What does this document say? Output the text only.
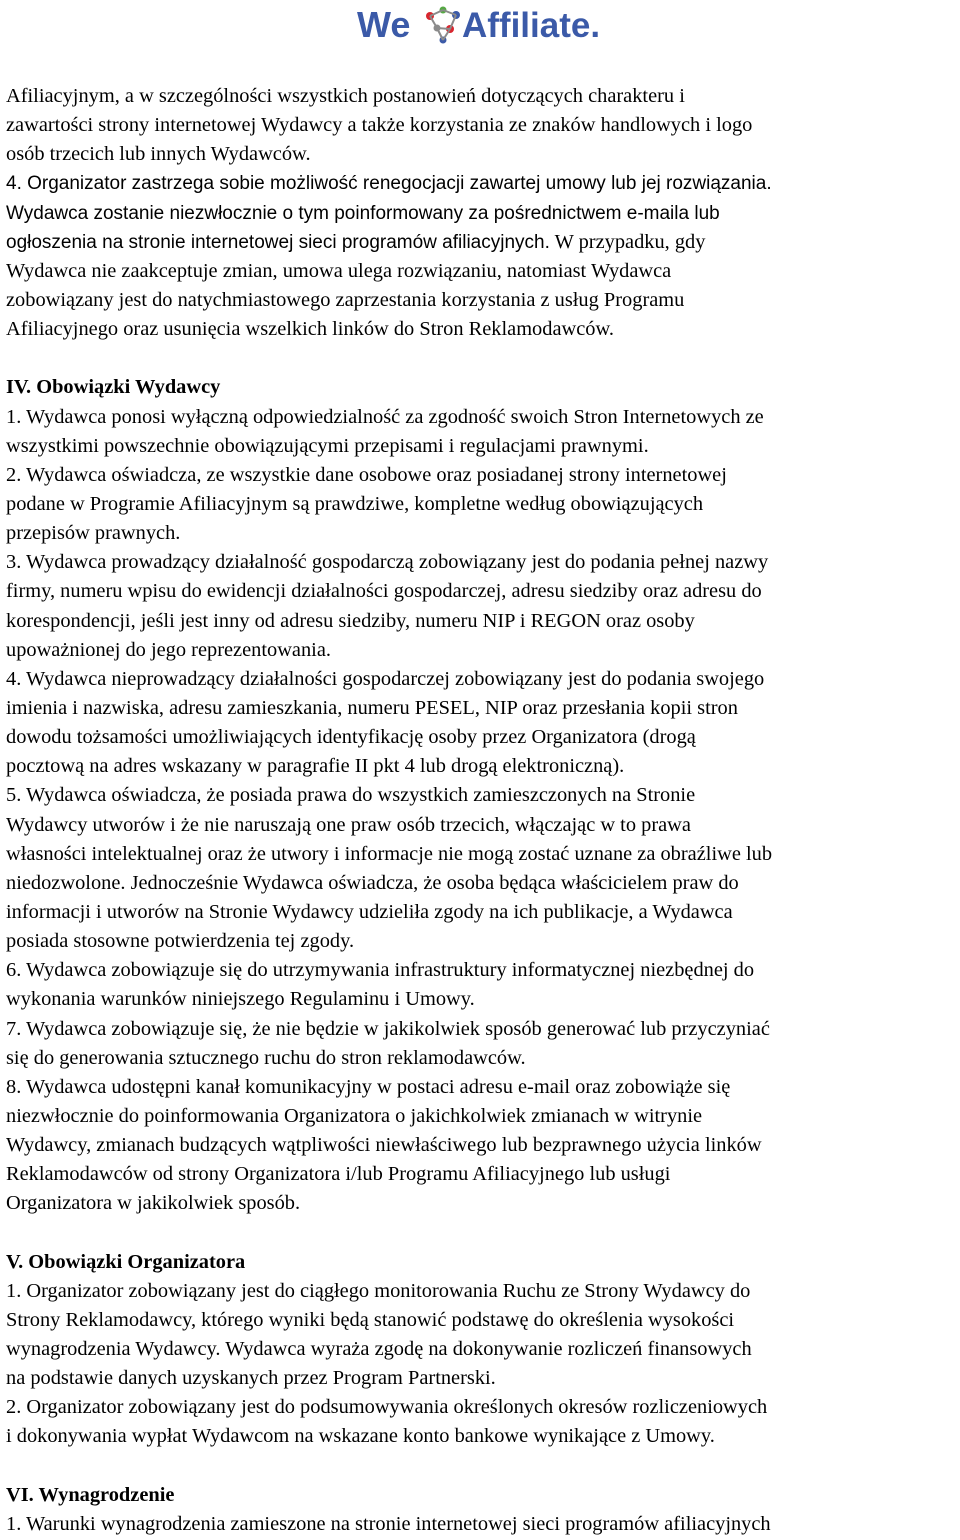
We Affiliate.
Afiliacyjnym, a w szczególności wszystkich postanowień dotyczących charakteru i
zawartości strony internetowej Wydawcy a także korzystania ze znaków handlowych i logo
osób trzecich lub innych Wydawców.
4. Organizator zastrzega sobie możliwość renegocjacji zawartej umowy lub jej rozwiązania.
Wydawca zostanie niezwłocznie o tym poinformowany za pośrednictwem e-maila lub
ogłoszenia na stronie internetowej sieci programów afiliacyjnych. W przypadku, gdy
Wydawca nie zaakceptuje zmian, umowa ulega rozwiązaniu, natomiast Wydawca
zobowiązany jest do natychmiastowego zaprzestania korzystania z usług Programu
Afiliacyjnego oraz usunięcia wszelkich linków do Stron Reklamodawców.
IV. Obowiązki Wydawcy
1. Wydawca ponosi wyłączną odpowiedzialność za zgodność swoich Stron Internetowych ze
wszystkimi powszechnie obowiązującymi przepisami i regulacjami prawnymi.
2. Wydawca oświadcza, ze wszystkie dane osobowe oraz posiadanej strony internetowej
podane w Programie Afiliacyjnym są prawdziwe, kompletne według obowiązujących
przepisów prawnych.
3. Wydawca prowadzący działalność gospodarczą zobowiązany jest do podania pełnej nazwy
firmy, numeru wpisu do ewidencji działalności gospodarczej, adresu siedziby oraz adresu do
korespondencji, jeśli jest inny od adresu siedziby, numeru NIP i REGON oraz osoby
upoważnionej do jego reprezentowania.
4. Wydawca nieprowadzący działalności gospodarczej zobowiązany jest do podania swojego
imienia i nazwiska, adresu zamieszkania, numeru PESEL, NIP oraz przesłania kopii stron
dowodu tożsamości umożliwiających identyfikację osoby przez Organizatora (drogą
pocztową na adres wskazany w paragrafie II pkt 4 lub drogą elektroniczną).
5. Wydawca oświadcza, że posiada prawa do wszystkich zamieszczonych na Stronie
Wydawcy utworów i że nie naruszają one praw osób trzecich, włączając w to prawa
własności intelektualnej oraz że utwory i informacje nie mogą zostać uznane za obraźliwe lub
niedozwolone. Jednocześnie Wydawca oświadcza, że osoba będąca właścicielem praw do
informacji i utworów na Stronie Wydawcy udzieliła zgody na ich publikacje, a Wydawca
posiada stosowne potwierdzenia tej zgody.
6. Wydawca zobowiązuje się do utrzymywania infrastruktury informatycznej niezbędnej do
wykonania warunków niniejszego Regulaminu i Umowy.
7. Wydawca zobowiązuje się, że nie będzie w jakikolwiek sposób generować lub przyczyniać
się do generowania sztucznego ruchu do stron reklamodawców.
8. Wydawca udostępni kanał komunikacyjny w postaci adresu e-mail oraz zobowiąże się
niezwłocznie do poinformowania Organizatora o jakichkolwiek zmianach w witrynie
Wydawcy, zmianach budzących wątpliwości niewłaściwego lub bezprawnego użycia linków
Reklamodawców od strony Organizatora i/lub Programu Afiliacyjnego lub usługi
Organizatora w jakikolwiek sposób.
V. Obowiązki Organizatora
1. Organizator zobowiązany jest do ciągłego monitorowania Ruchu ze Strony Wydawcy do
Strony Reklamodawcy, którego wyniki będą stanowić podstawę do określenia wysokości
wynagrodzenia Wydawcy. Wydawca wyraża zgodę na dokonywanie rozliczeń finansowych
na podstawie danych uzyskanych przez Program Partnerski.
2. Organizator zobowiązany jest do podsumowywania określonych okresów rozliczeniowych
i dokonywania wypłat Wydawcom na wskazane konto bankowe wynikające z Umowy.
VI. Wynagrodzenie
1. Warunki wynagrodzenia zamieszone na stronie internetowej sieci programów afiliacyjnych
